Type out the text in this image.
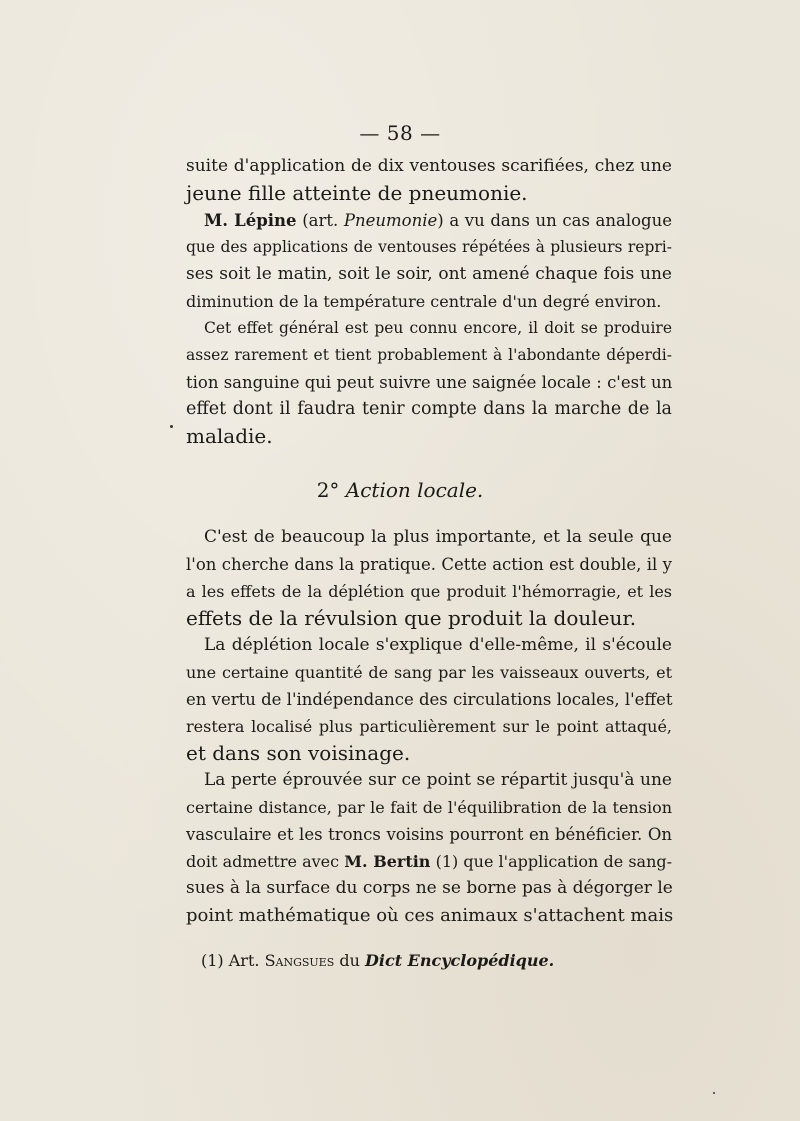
— 58 —
suite d'application de dix ventouses scarifiées, chez une
jeune fille atteinte de pneumonie.
M. Lépine (art. Pneumonie) a vu dans un cas analogue
que des applications de ventouses répétées à plusieurs repri-
ses soit le matin, soit le soir, ont amené chaque fois une
diminution de la température centrale d'un degré environ.
Cet effet général est peu connu encore, il doit se produire
assez rarement et tient probablement à l'abondante déperdi-
tion sanguine qui peut suivre une saignée locale : c'est un
effet dont il faudra tenir compte dans la marche de la
maladie.
2° Action locale.
C'est de beaucoup la plus importante, et la seule que
l'on cherche dans la pratique. Cette action est double, il y
a les effets de la déplétion que produit l'hémorragie, et les
effets de la révulsion que produit la douleur.
La déplétion locale s'explique d'elle-même, il s'écoule
une certaine quantité de sang par les vaisseaux ouverts, et
en vertu de l'indépendance des circulations locales, l'effet
restera localisé plus particulièrement sur le point attaqué,
et dans son voisinage.
La perte éprouvée sur ce point se répartit jusqu'à une
certaine distance, par le fait de l'équilibration de la tension
vasculaire et les troncs voisins pourront en bénéficier. On
doit admettre avec M. Bertin (1) que l'application de sang-
sues à la surface du corps ne se borne pas à dégorger le
point mathématique où ces animaux s'attachent mais
(1) Art. Sangsues du Dict Encyclopédique.
